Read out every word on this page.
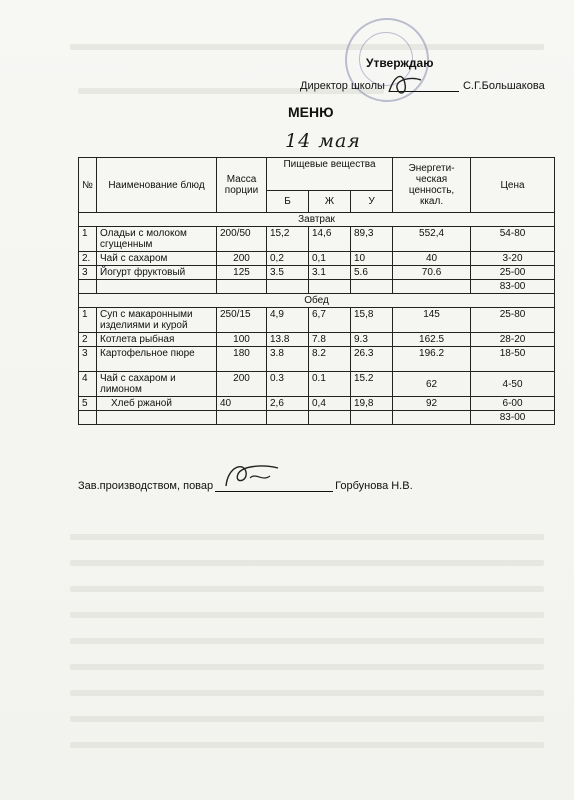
Утверждаю
Директор школы	С.Г.Большакова
МЕНЮ
14 мая
№	Наименование блюд	Масса порции	Пищевые вещества			Энергети-ческая ценность, ккал.	Цена
			Б	Ж	У		
Завтрак							
1	Оладьи с молоком сгущенным	200/50	15,2	14,6	89,3	552,4	54-80
2.	Чай с сахаром	200	0,2	0,1	10	40	3-20
3	Йогурт фруктовый	125	3.5	3.1	5.6	70.6	25-00
							83-00
Обед							
1	Суп с макаронными изделиями и курой	250/15	4,9	6,7	15,8	145	25-80
2	Котлета рыбная	100	13.8	7.8	9.3	162.5	28-20
3	Картофельное пюре	180	3.8	8.2	26.3	196.2	18-50
4	Чай с сахаром и лимоном	200	0.3	0.1	15.2	62	4-50
5	Хлеб ржаной	40	2,6	0,4	19,8	92	6-00
							83-00
Зав.производством, повар	Горбунова Н.В.
